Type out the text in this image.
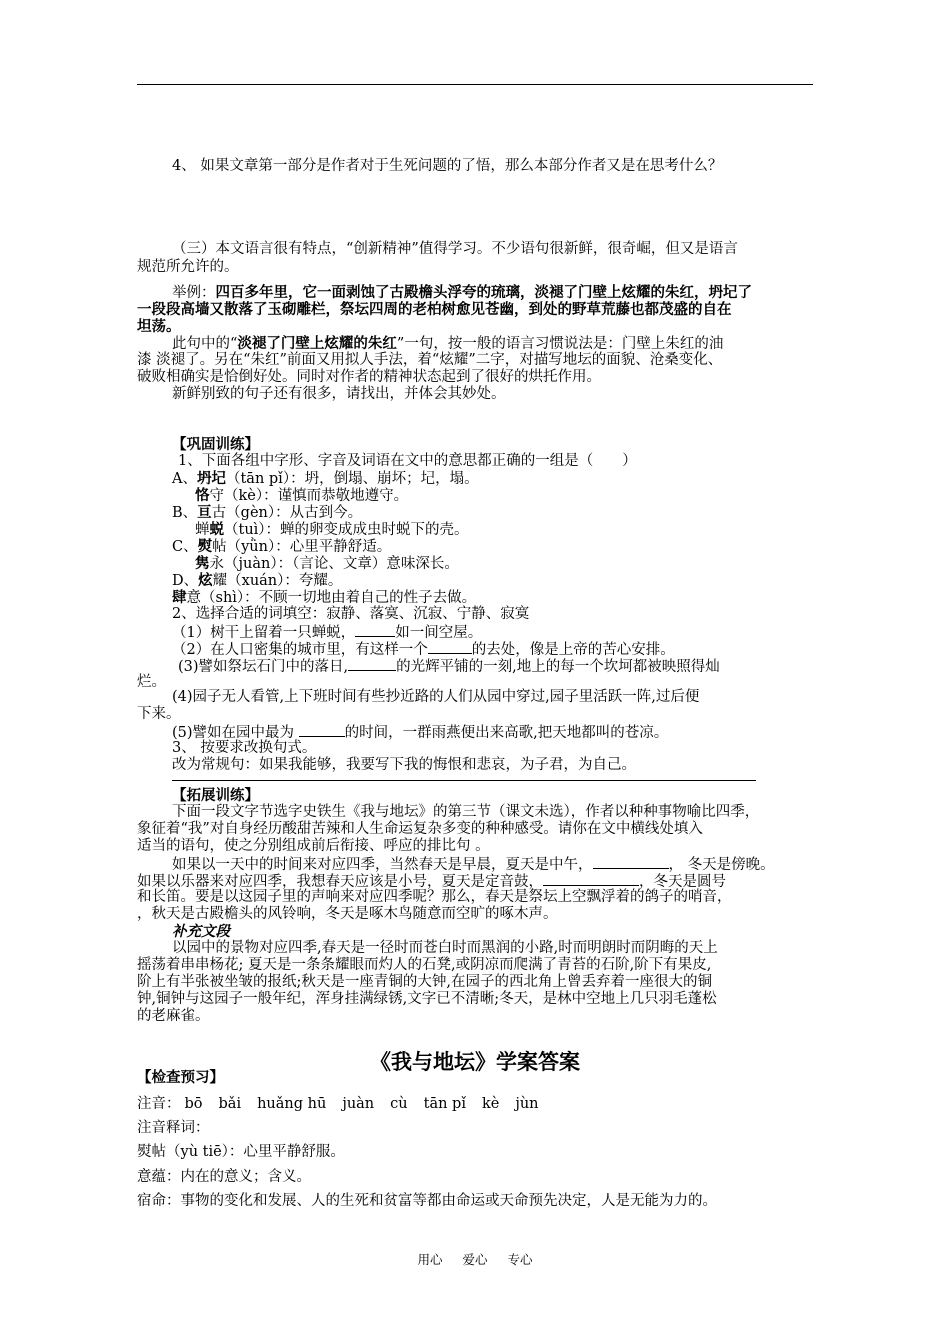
4、 如果文章第一部分是作者对于生死问题的了悟，那么本部分作者又是在思考什么？
（三）本文语言很有特点，“创新精神”值得学习。不少语句很新鲜，很奇崛，但又是语言
规范所允许的。
举例：四百多年里，它一面剥蚀了古殿檐头浮夸的琉璃，淡褪了门壁上炫耀的朱红，坍圮了
一段段高墙又散落了玉砌雕栏，祭坛四周的老柏树愈见苍幽，到处的野草荒藤也都茂盛的自在
坦荡。
此句中的“淡褪了门壁上炫耀的朱红”一句，按一般的语言习惯说法是：门壁上朱红的油
漆 淡褪了。另在“朱红”前面又用拟人手法，着“炫耀”二字，对描写地坛的面貌、沧桑变化、
破败相确实是恰倒好处。同时对作者的精神状态起到了很好的烘托作用。
新鲜别致的句子还有很多，请找出，并体会其妙处。
【巩固训练】
1、下面各组中字形、字音及词语在文中的意思都正确的一组是（　　）
A、坍圮（tān pǐ）：坍，倒塌、崩坏；圮，塌。
恪守（kè）：谨慎而恭敬地遵守。
B、亘古（gèn）：从古到今。
蝉蜕（tuì）：蝉的卵变成成虫时蜕下的壳。
C、熨帖（yǜn）：心里平静舒适。
隽永（juàn）：（言论、文章）意味深长。
D、炫耀（xuán）：夸耀。
肆意（shì）：不顾一切地由着自己的性子去做。
2、选择合适的词填空：寂静、落寞、沉寂、宁静、寂寞
（1）树干上留着一只蝉蜕，	如一间空屋。
（2）在人口密集的城市里，有这样一个	的去处，像是上帝的苦心安排。
(3)譬如祭坛石门中的落日,	的光辉平铺的一刻,地上的每一个坎坷都被映照得灿
烂。
(4)园子无人看管,上下班时间有些抄近路的人们从园中穿过,园子里活跃一阵,过后便
下来。
(5)譬如在园中最为	的时间，一群雨燕便出来高歌,把天地都叫的苍凉。
3、 按要求改换句式。
改为常规句：如果我能够，我要写下我的悔恨和悲哀，为子君，为自己。
【拓展训练】
下面一段文字节选字史铁生《我与地坛》的第三节（课文未选），作者以种种事物喻比四季，
象征着“我”对自身经历酸甜苦辣和人生命运复杂多变的种种感受。请你在文中横线处填入
适当的语句，使之分别组成前后衔接、呼应的排比句 。
如果以一天中的时间来对应四季，当然春天是早晨，夏天是中午，	， 冬天是傍晚。
如果以乐器来对应四季，我想春天应该是小号，夏天是定音鼓，	，冬天是圆号
和长笛。要是以这园子里的声响来对应四季呢？那么，春天是祭坛上空飘浮着的鸽子的哨音，
，秋天是古殿檐头的风铃响，冬天是啄木鸟随意而空旷的啄木声。
补充文段
以园中的景物对应四季,春天是一径时而苍白时而黑润的小路,时而明朗时而阴晦的天上
摇荡着串串杨花; 夏天是一条条耀眼而灼人的石凳,或阴凉而爬满了青苔的石阶,阶下有果皮,
阶上有半张被坐皱的报纸;秋天是一座青铜的大钟,在园子的西北角上曾丢弃着一座很大的铜
钟,铜钟与这园子一般年纪，浑身挂满绿锈,文字已不清晰;冬天，是林中空地上几只羽毛蓬松
的老麻雀。
《我与地坛》学案答案
【检查预习】
注音： bō bǎi huǎng hū juàn cù tān pǐ kè jùn
注音释词：
熨帖（yù tiē）：心里平静舒服。
意蕴：内在的意义；含义。
宿命：事物的变化和发展、人的生死和贫富等都由命运或天命预先决定，人是无能为力的。
用心 爱心 专心
